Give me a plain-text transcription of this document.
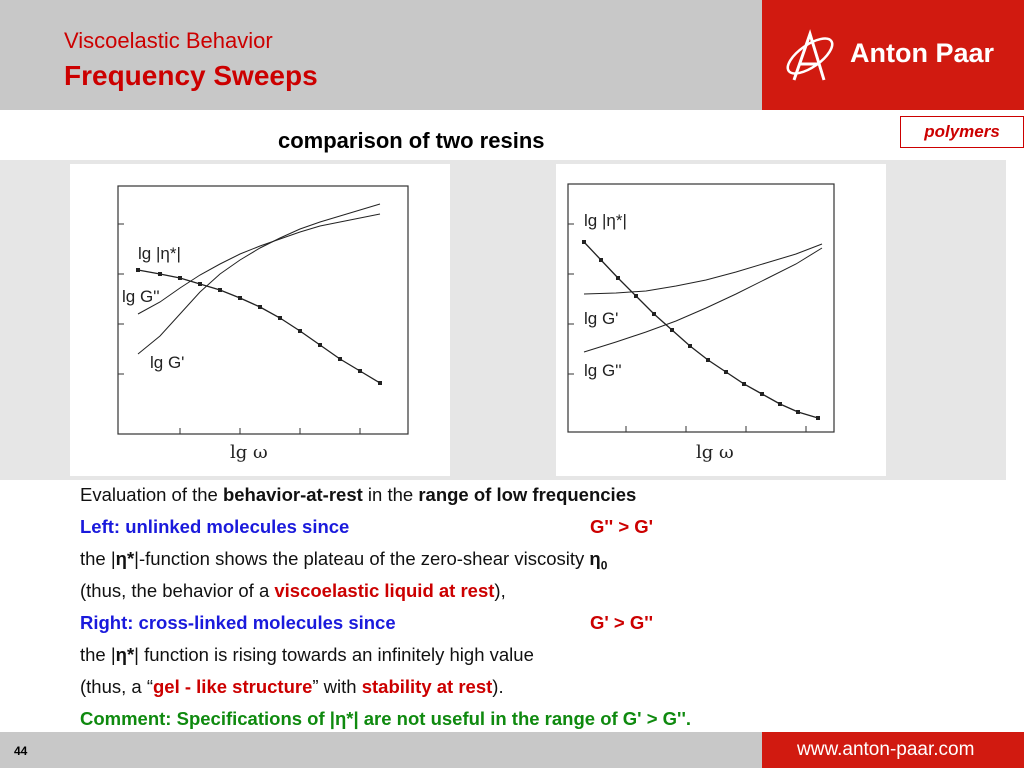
Viscoelastic Behavior
Frequency Sweeps
Anton Paar
polymers
comparison of two resins
lg |η*|
lg G''
lg G'
lg ω
lg |η*|
lg G'
lg G''
lg ω
Evaluation of the behavior-at-rest in the range of low frequencies
Left: unlinked molecules since	G'' > G'
the |η*|-function shows the plateau of the zero-shear viscosity $\eta_0$
(thus, the behavior of a viscoelastic liquid at rest),
Right: cross-linked molecules since	G' > G''
the |η*| function is rising towards an infinitely high value
(thus, a “gel - like structure” with stability at rest).
Comment: Specifications of |η*| are not useful in the range of G' > G''.
44	www.anton-paar.com
